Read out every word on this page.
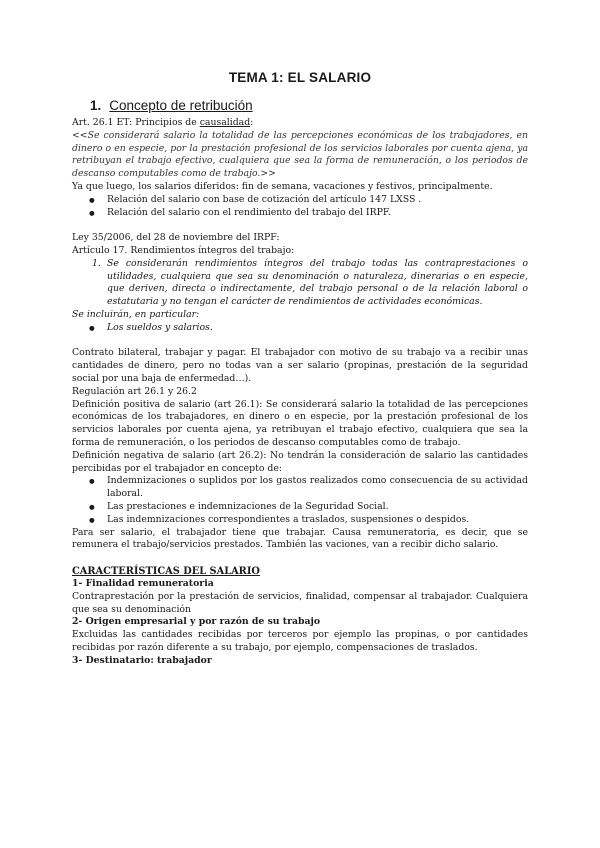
TEMA 1: EL SALARIO
1. Concepto de retribución

Art. 26.1 ET: Principios de causalidad:

<<Se considerará salario la totalidad de las percepciones económicas de los trabajadores, en dinero o en especie, por la prestación profesional de los servicios laborales por cuenta ajena, ya retribuyan el trabajo efectivo, cualquiera que sea la forma de remuneración, o los periodos de descanso computables como de trabajo.>>

Ya que luego, los salarios diferidos: fin de semana, vacaciones y festivos, principalmente.

● Relación del salario con base de cotización del artículo 147 LXSS .
● Relación del salario con el rendimiento del trabajo del IRPF.

Ley 35/2006, del 28 de noviembre del IRPF:

Artículo 17. Rendimientos íntegros del trabajo:

1. Se considerarán rendimientos íntegros del trabajo todas las contraprestaciones o utilidades, cualquiera que sea su denominación o naturaleza, dinerarias o en especie, que deriven, directa o indirectamente, del trabajo personal o de la relación laboral o estatutaria y no tengan el carácter de rendimientos de actividades económicas.

Se incluirán, en particular:

● Los sueldos y salarios.

Contrato bilateral, trabajar y pagar. El trabajador con motivo de su trabajo va a recibir unas cantidades de dinero, pero no todas van a ser salario (propinas, prestación de la seguridad social por una baja de enfermedad…).

Regulación art 26.1 y 26.2

Definición positiva de salario (art 26.1): Se considerará salario la totalidad de las percepciones económicas de los trabajadores, en dinero o en especie, por la prestación profesional de los servicios laborales por cuenta ajena, ya retribuyan el trabajo efectivo, cualquiera que sea la forma de remuneración, o los periodos de descanso computables como de trabajo.

Definición negativa de salario (art 26.2): No tendrán la consideración de salario las cantidades percibidas por el trabajador en concepto de:

● Indemnizaciones o suplidos por los gastos realizados como consecuencia de su actividad laboral.
● Las prestaciones e indemnizaciones de la Seguridad Social.
● Las indemnizaciones correspondientes a traslados, suspensiones o despidos.

Para ser salario, el trabajador tiene que trabajar. Causa remuneratoria, es decir, que se remunera el trabajo/servicios prestados. También las vaciones, van a recibir dicho salario.

CARACTERÍSTICAS DEL SALARIO

1- Finalidad remuneratoria

Contraprestación por la prestación de servicios, finalidad, compensar al trabajador. Cualquiera que sea su denominación

2- Origen empresarial y por razón de su trabajo

Excluidas las cantidades recibidas por terceros por ejemplo las propinas, o por cantidades recibidas por razón diferente a su trabajo, por ejemplo, compensaciones de traslados.

3- Destinatario: trabajador
